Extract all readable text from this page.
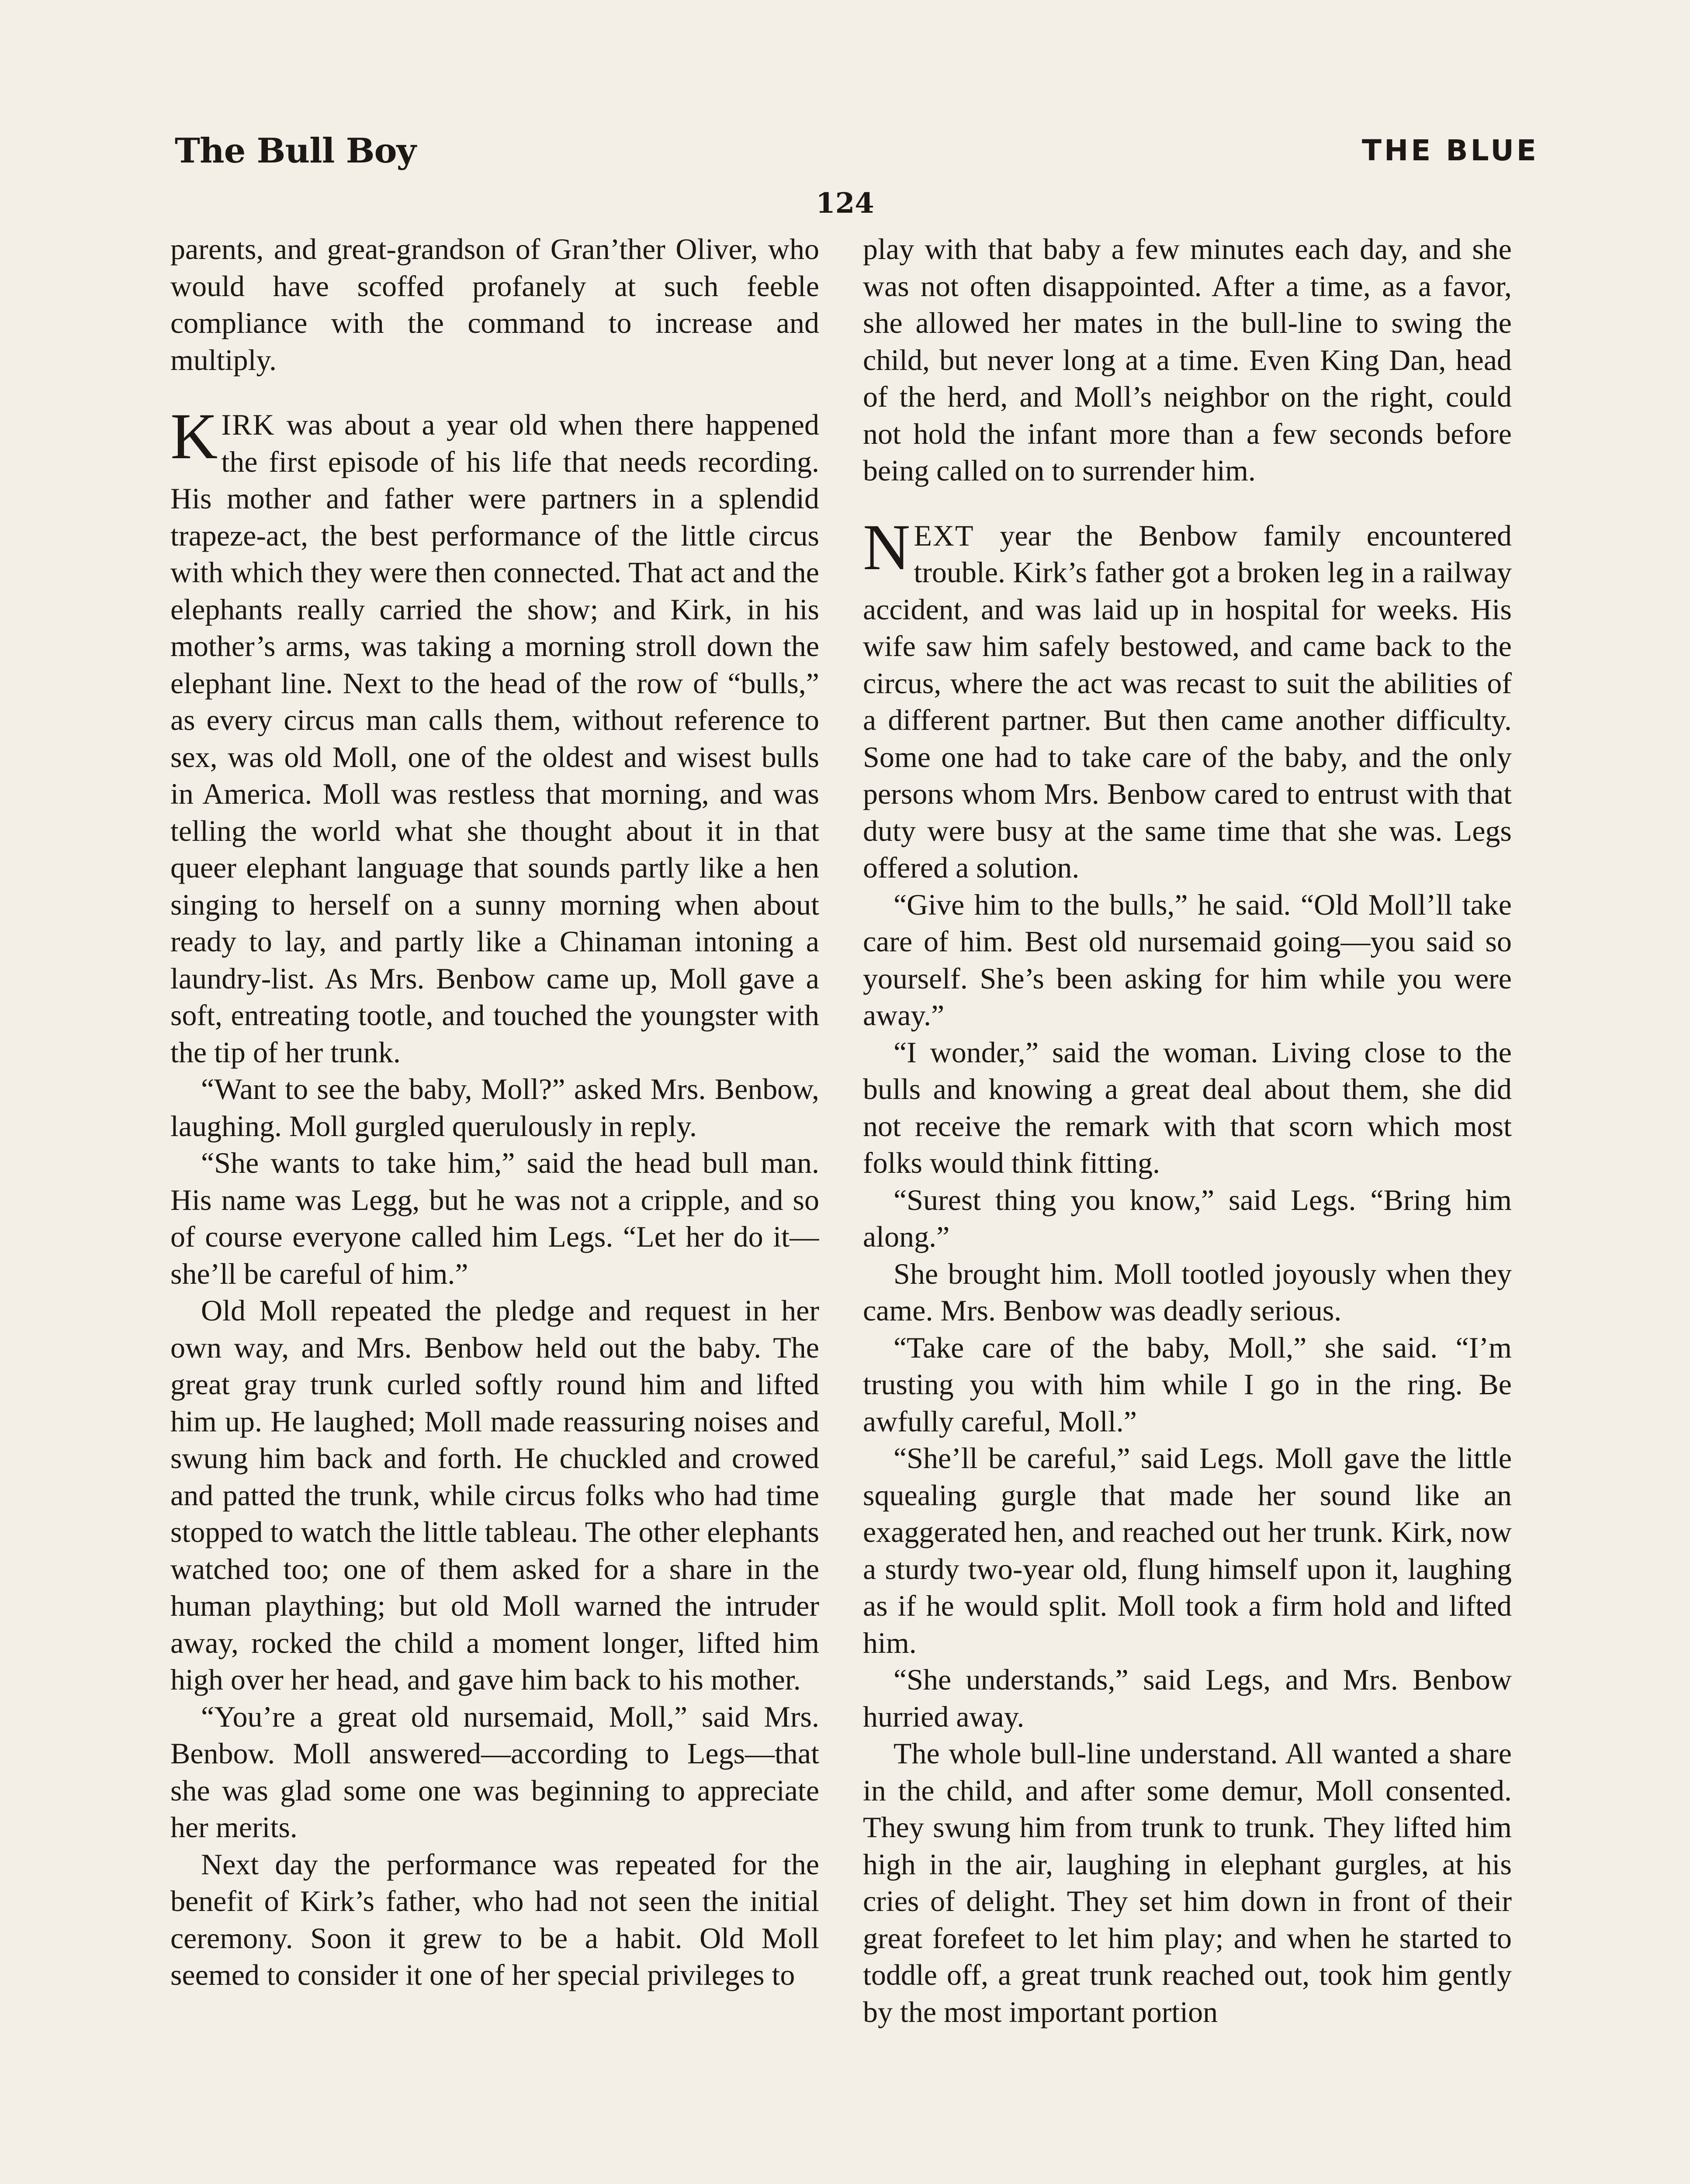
The Bull Boy	THE BLUE
124

parents, and great-grandson of Gran’ther Oliver, who would have scoffed profanely at such feeble compliance with the command to increase and multiply.

KIRK was about a year old when there happened the first episode of his life that needs recording. His mother and father were partners in a splendid trapeze-act, the best performance of the little circus with which they were then connected. That act and the elephants really carried the show; and Kirk, in his mother’s arms, was taking a morning stroll down the elephant line. Next to the head of the row of “bulls,” as every circus man calls them, without reference to sex, was old Moll, one of the oldest and wisest bulls in America. Moll was restless that morning, and was telling the world what she thought about it in that queer elephant language that sounds partly like a hen singing to herself on a sunny morning when about ready to lay, and partly like a Chinaman intoning a laundry-list. As Mrs. Benbow came up, Moll gave a soft, entreating tootle, and touched the youngster with the tip of her trunk.

“Want to see the baby, Moll?” asked Mrs. Benbow, laughing. Moll gurgled querulously in reply.

“She wants to take him,” said the head bull man. His name was Legg, but he was not a cripple, and so of course everyone called him Legs. “Let her do it—she’ll be careful of him.”

Old Moll repeated the pledge and request in her own way, and Mrs. Benbow held out the baby. The great gray trunk curled softly round him and lifted him up. He laughed; Moll made reassuring noises and swung him back and forth. He chuckled and crowed and patted the trunk, while circus folks who had time stopped to watch the little tableau. The other elephants watched too; one of them asked for a share in the human plaything; but old Moll warned the intruder away, rocked the child a moment longer, lifted him high over her head, and gave him back to his mother.

“You’re a great old nursemaid, Moll,” said Mrs. Benbow. Moll answered—according to Legs—that she was glad some one was beginning to appreciate her merits.

Next day the performance was repeated for the benefit of Kirk’s father, who had not seen the initial ceremony. Soon it grew to be a habit. Old Moll seemed to consider it one of her special privileges to

play with that baby a few minutes each day, and she was not often disappointed. After a time, as a favor, she allowed her mates in the bull-line to swing the child, but never long at a time. Even King Dan, head of the herd, and Moll’s neighbor on the right, could not hold the infant more than a few seconds before being called on to surrender him.

NEXT year the Benbow family encountered trouble. Kirk’s father got a broken leg in a railway accident, and was laid up in hospital for weeks. His wife saw him safely bestowed, and came back to the circus, where the act was recast to suit the abilities of a different partner. But then came another difficulty. Some one had to take care of the baby, and the only persons whom Mrs. Benbow cared to entrust with that duty were busy at the same time that she was. Legs offered a solution.

“Give him to the bulls,” he said. “Old Moll’ll take care of him. Best old nursemaid going—you said so yourself. She’s been asking for him while you were away.”

“I wonder,” said the woman. Living close to the bulls and knowing a great deal about them, she did not receive the remark with that scorn which most folks would think fitting.

“Surest thing you know,” said Legs. “Bring him along.”

She brought him. Moll tootled joyously when they came. Mrs. Benbow was deadly serious.

“Take care of the baby, Moll,” she said. “I’m trusting you with him while I go in the ring. Be awfully careful, Moll.”

“She’ll be careful,” said Legs. Moll gave the little squealing gurgle that made her sound like an exaggerated hen, and reached out her trunk. Kirk, now a sturdy two-year old, flung himself upon it, laughing as if he would split. Moll took a firm hold and lifted him.

“She understands,” said Legs, and Mrs. Benbow hurried away.

The whole bull-line understand. All wanted a share in the child, and after some demur, Moll consented. They swung him from trunk to trunk. They lifted him high in the air, laughing in elephant gurgles, at his cries of delight. They set him down in front of their great forefeet to let him play; and when he started to toddle off, a great trunk reached out, took him gently by the most important portion
